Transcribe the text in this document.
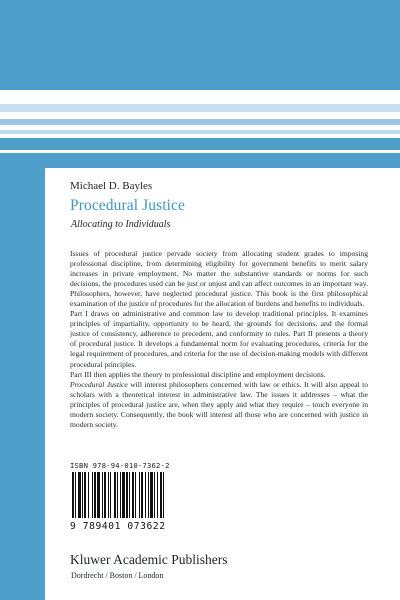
Michael D. Bayles
Procedural Justice
Allocating to Individuals

Issues of procedural justice pervade society from allocating student grades to imposing professional discipline, from determining eligibility for government benefits to merit salary increases in private employment. No matter the substantive standards or norms for such decisions, the procedures used can be just or unjust and can affect outcomes in an important way. Philosophers, however, have neglected procedural justice. This book is the first philosophical examination of the justice of procedures for the allocation of burdens and benefits to individuals.

Part I draws on administrative and common law to develop traditional principles. It examines principles of impartiality, opportunity to be heard, the grounds for decisions, and the formal justice of consistency, adherence to precedent, and conformity to rules. Part II presents a theory of procedural justice. It develops a fundamental norm for evaluating procedures, criteria for the legal requirement of procedures, and criteria for the use of decision-making models with different procedural principles.

Part III then applies the theory to professional discipline and employment decisions.

Procedural Justice will interest philosophers concerned with law or ethics. It will also appeal to scholars with a theoretical interest in administrative law. The issues it addresses – what the principles of procedural justice are, when they apply and what they require – touch everyone in modern society. Consequently, the book will interest all those who are concerned with justice in modern society.

ISBN 978-94-010-7362-2
9 789401 073622
Kluwer Academic Publishers
Dordrecht / Boston / London
